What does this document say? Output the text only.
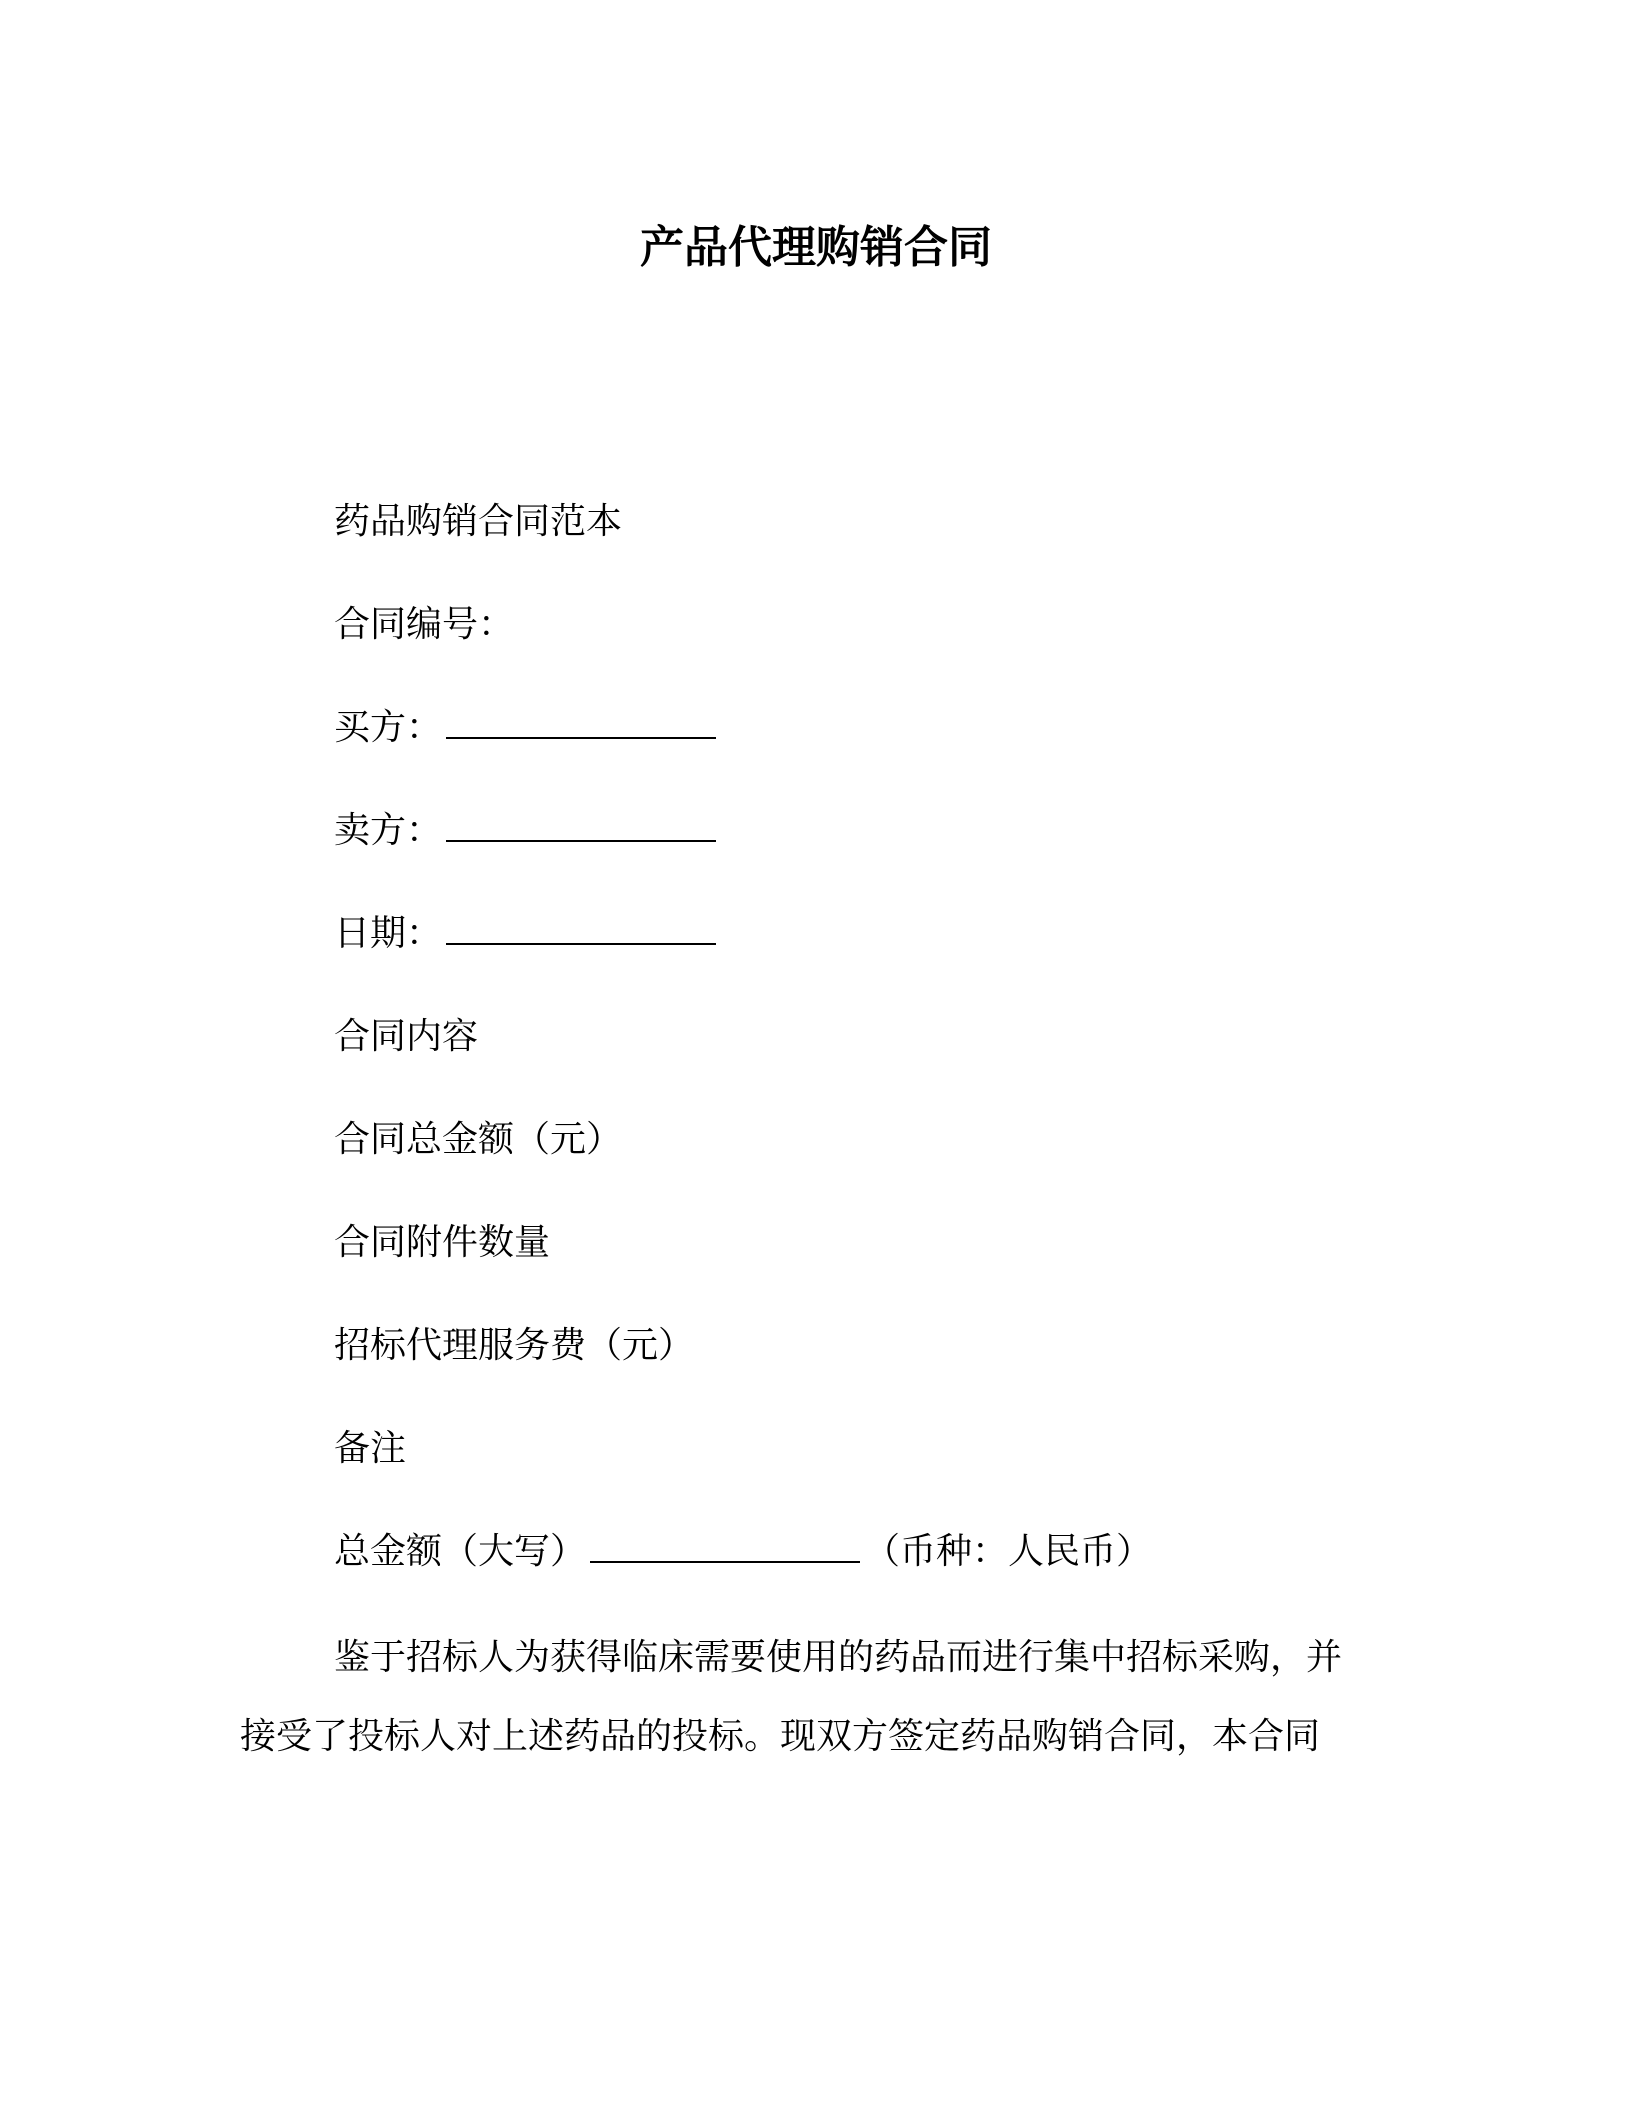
产品代理购销合同
药品购销合同范本
合同编号：
买方：
卖方：
日期：
合同内容
合同总金额（元）
合同附件数量
招标代理服务费（元）
备注
总金额（大写）	（币种：人民币）
鉴于招标人为获得临床需要使用的药品而进行集中招标采购，并
接受了投标人对上述药品的投标。现双方签定药品购销合同，本合同
